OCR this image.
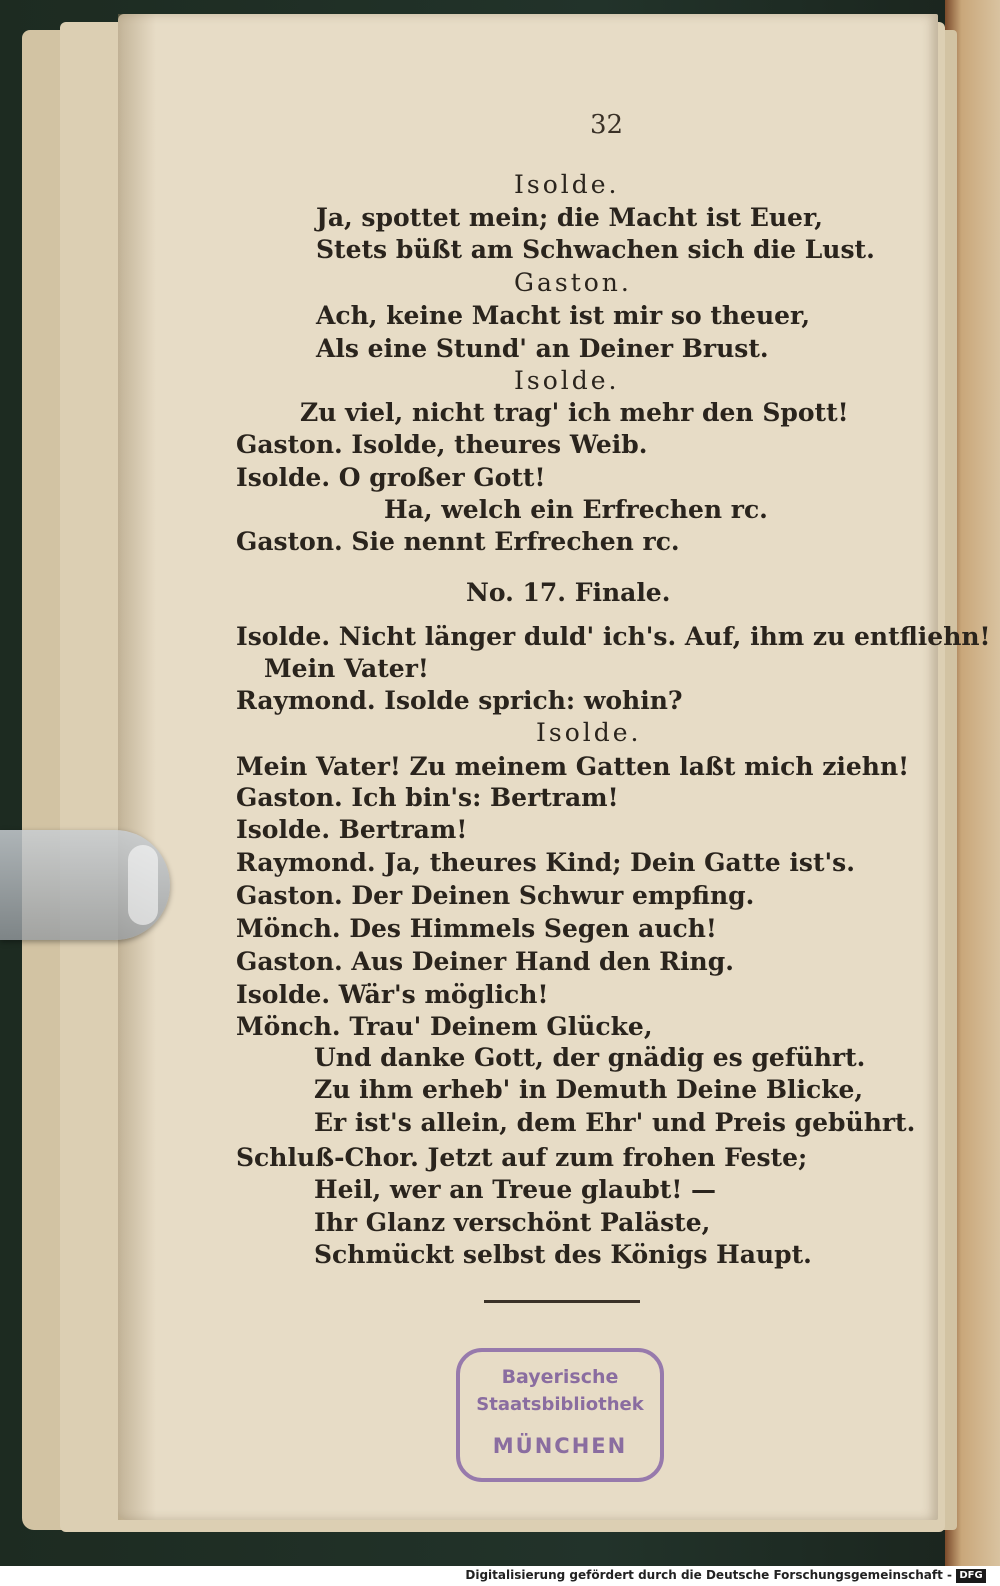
32
Isolde.
Ja, spottet mein; die Macht ist Euer,
Stets büßt am Schwachen sich die Lust.
Gaston.
Ach, keine Macht ist mir so theuer,
Als eine Stund' an Deiner Brust.
Isolde.
Zu viel, nicht trag' ich mehr den Spott!
Gaston. Isolde, theures Weib.
Isolde. O großer Gott!
Ha, welch ein Erfrechen rc.
Gaston. Sie nennt Erfrechen rc.
No. 17. Finale.
Isolde. Nicht länger duld' ich's. Auf, ihm zu entfliehn!
Mein Vater!
Raymond. Isolde sprich: wohin?
Isolde.
Mein Vater! Zu meinem Gatten laßt mich ziehn!
Gaston. Ich bin's: Bertram!
Isolde. Bertram!
Raymond. Ja, theures Kind; Dein Gatte ist's.
Gaston. Der Deinen Schwur empfing.
Mönch. Des Himmels Segen auch!
Gaston. Aus Deiner Hand den Ring.
Isolde. Wär's möglich!
Mönch. Trau' Deinem Glücke,
Und danke Gott, der gnädig es geführt.
Zu ihm erheb' in Demuth Deine Blicke,
Er ist's allein, dem Ehr' und Preis gebührt.
Schluß-Chor. Jetzt auf zum frohen Feste;
Heil, wer an Treue glaubt! —
Ihr Glanz verschönt Paläste,
Schmückt selbst des Königs Haupt.
Bayerische
Staatsbibliothek
MÜNCHEN
Digitalisierung gefördert durch die Deutsche Forschungsgemeinschaft - DFG
